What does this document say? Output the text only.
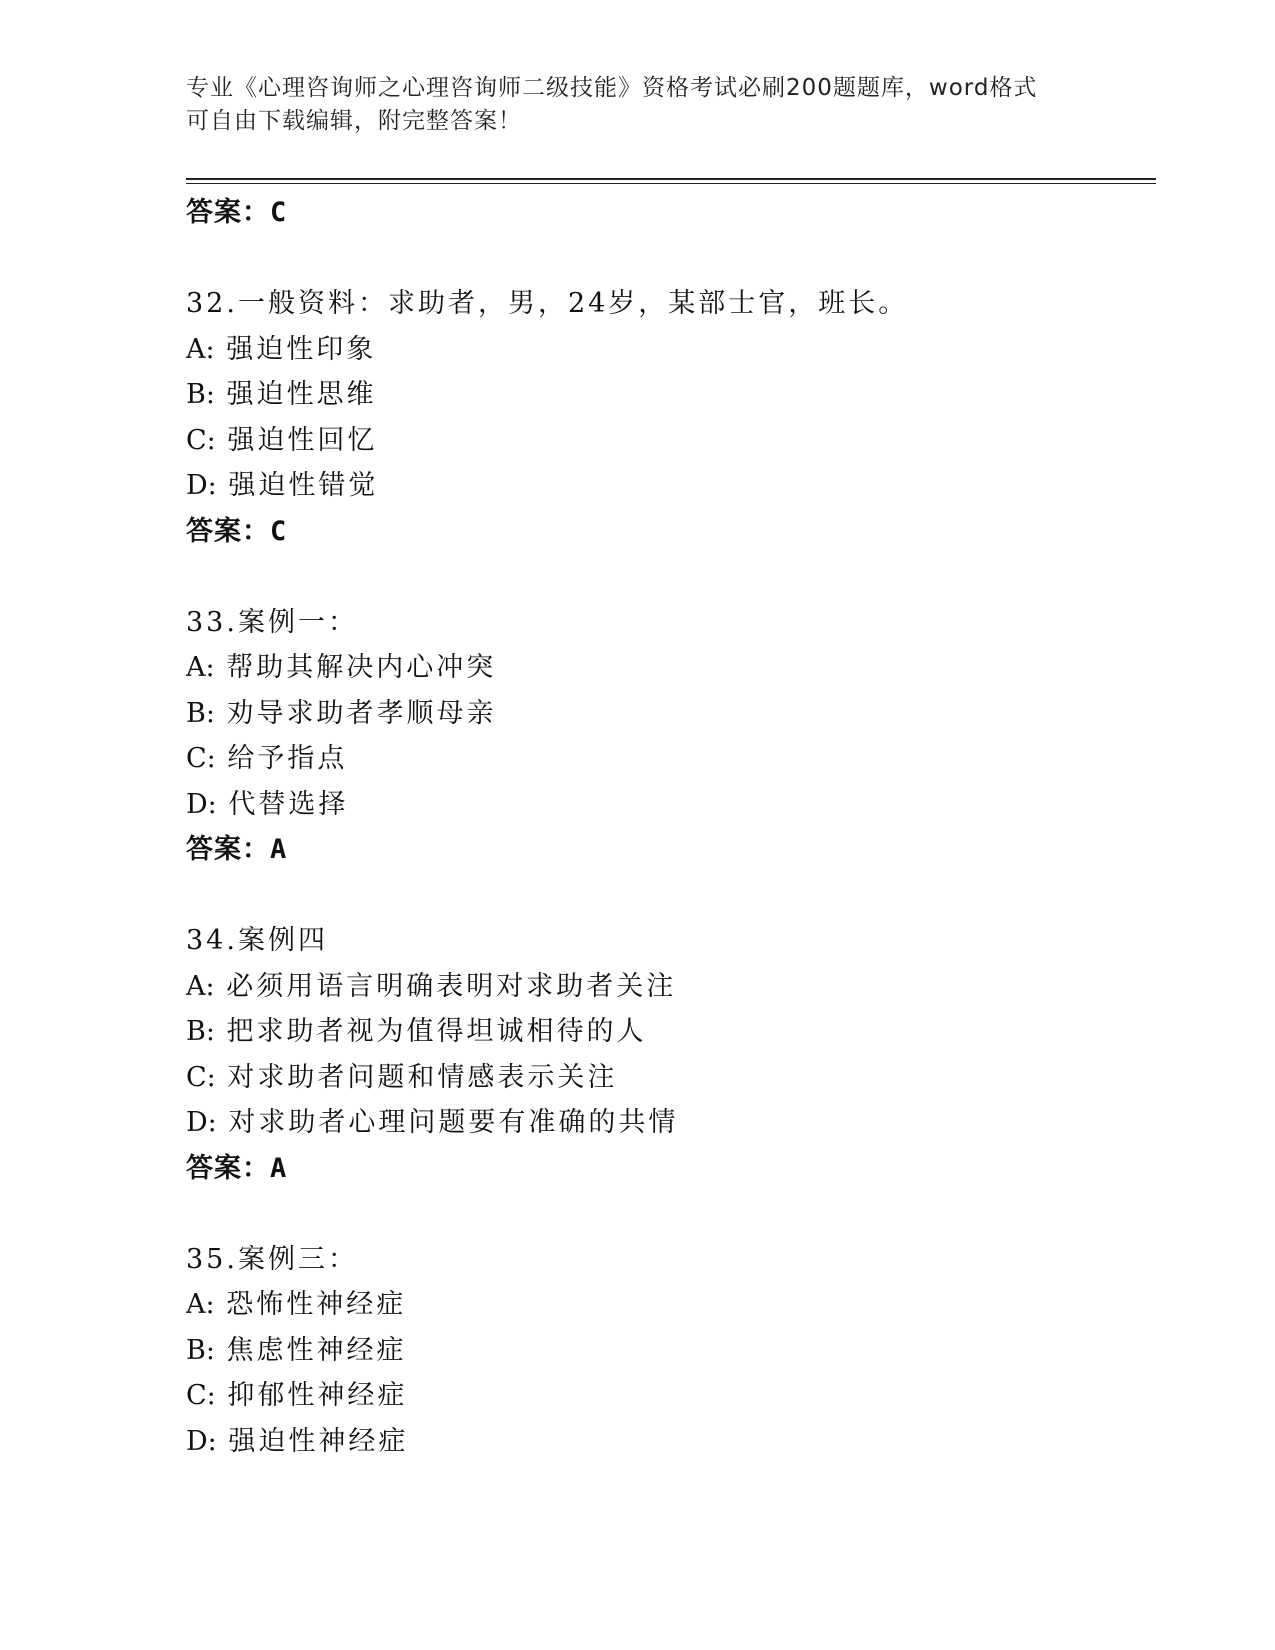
专业《心理咨询师之心理咨询师二级技能》资格考试必刷200题题库，word格式
可自由下载编辑，附完整答案！
答案：C
32.一般资料：求助者，男，24岁，某部士官，班长。
A: 强迫性印象
B: 强迫性思维
C: 强迫性回忆
D: 强迫性错觉
答案：C
33.案例一：
A: 帮助其解决内心冲突
B: 劝导求助者孝顺母亲
C: 给予指点
D: 代替选择
答案：A
34.案例四
A: 必须用语言明确表明对求助者关注
B: 把求助者视为值得坦诚相待的人
C: 对求助者问题和情感表示关注
D: 对求助者心理问题要有准确的共情
答案：A
35.案例三：
A: 恐怖性神经症
B: 焦虑性神经症
C: 抑郁性神经症
D: 强迫性神经症
